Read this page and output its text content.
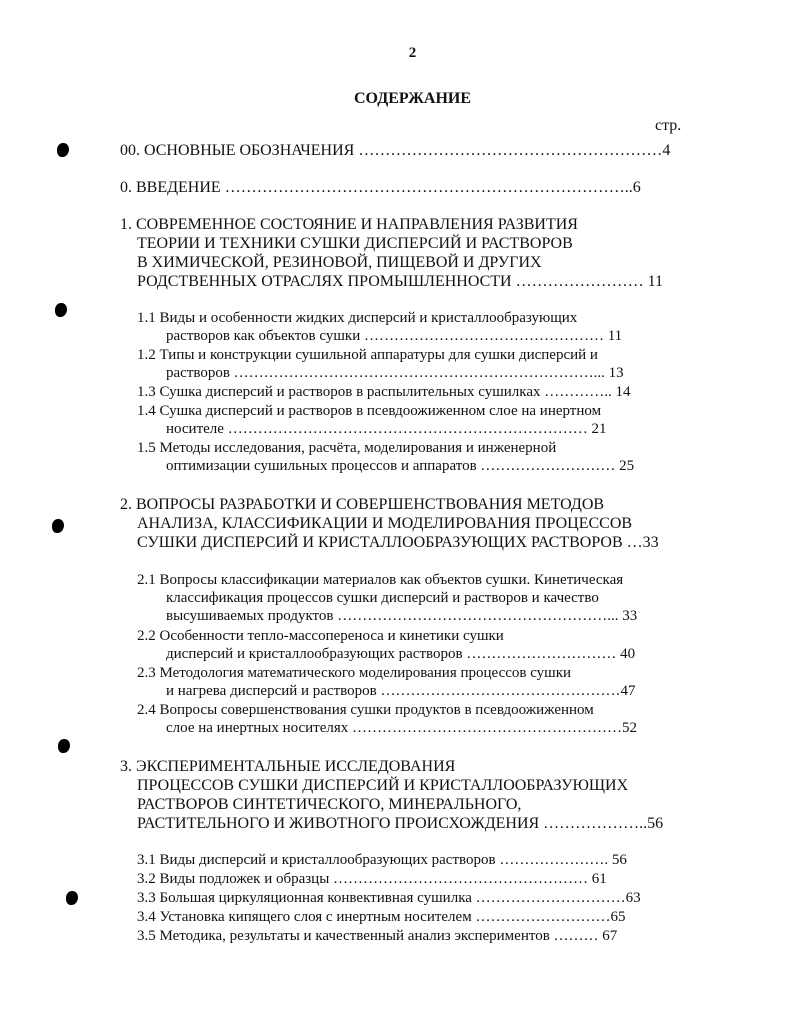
2
СОДЕРЖАНИЕ
стр.
00. ОСНОВНЫЕ ОБОЗНАЧЕНИЯ …………………………………………………4
0. ВВЕДЕНИЕ …………………………………………………………………..6
1. СОВРЕМЕННОЕ СОСТОЯНИЕ И НАПРАВЛЕНИЯ РАЗВИТИЯ
ТЕОРИИ И ТЕХНИКИ СУШКИ ДИСПЕРСИЙ И РАСТВОРОВ
В ХИМИЧЕСКОЙ, РЕЗИНОВОЙ, ПИЩЕВОЙ И ДРУГИХ
РОДСТВЕННЫХ ОТРАСЛЯХ ПРОМЫШЛЕННОСТИ …………………… 11
1.1 Виды и особенности жидких дисперсий и кристаллообразующих
растворов как объектов сушки ………………………………………… 11
1.2 Типы и конструкции сушильной аппаратуры для сушки дисперсий и
растворов ………………………………………………………………... 13
1.3 Сушка дисперсий и растворов в распылительных сушилках ………….. 14
1.4 Сушка дисперсий и растворов в псевдоожиженном слое на инертном
носителе ……………………………………………………………… 21
1.5 Методы исследования, расчёта, моделирования и инженерной
оптимизации сушильных процессов и аппаратов ……………………… 25
2. ВОПРОСЫ РАЗРАБОТКИ И СОВЕРШЕНСТВОВАНИЯ МЕТОДОВ
АНАЛИЗА, КЛАССИФИКАЦИИ И МОДЕЛИРОВАНИЯ ПРОЦЕССОВ
СУШКИ ДИСПЕРСИЙ И КРИСТАЛЛООБРАЗУЮЩИХ РАСТВОРОВ …33
2.1 Вопросы классификации материалов как объектов сушки. Кинетическая
классификация процессов сушки дисперсий и растворов и качество
высушиваемых продуктов ………………………………………………... 33
2.2 Особенности тепло-массопереноса и кинетики сушки
дисперсий и кристаллообразующих растворов ………………………… 40
2.3 Методология математического моделирования процессов сушки
и нагрева дисперсий и растворов …………………………………………47
2.4 Вопросы совершенствования сушки продуктов в псевдоожиженном
слое на инертных носителях ………………………………………………52
3. ЭКСПЕРИМЕНТАЛЬНЫЕ ИССЛЕДОВАНИЯ
ПРОЦЕССОВ СУШКИ ДИСПЕРСИЙ И КРИСТАЛЛООБРАЗУЮЩИХ
РАСТВОРОВ СИНТЕТИЧЕСКОГО, МИНЕРАЛЬНОГО,
РАСТИТЕЛЬНОГО И ЖИВОТНОГО ПРОИСХОЖДЕНИЯ ………………..56
3.1 Виды дисперсий и кристаллообразующих растворов …………………. 56
3.2 Виды подложек и образцы …………………………………………… 61
3.3 Большая циркуляционная конвективная сушилка …………………………63
3.4 Установка кипящего слоя с инертным носителем ………………………65
3.5 Методика, результаты и качественный анализ экспериментов ……… 67
